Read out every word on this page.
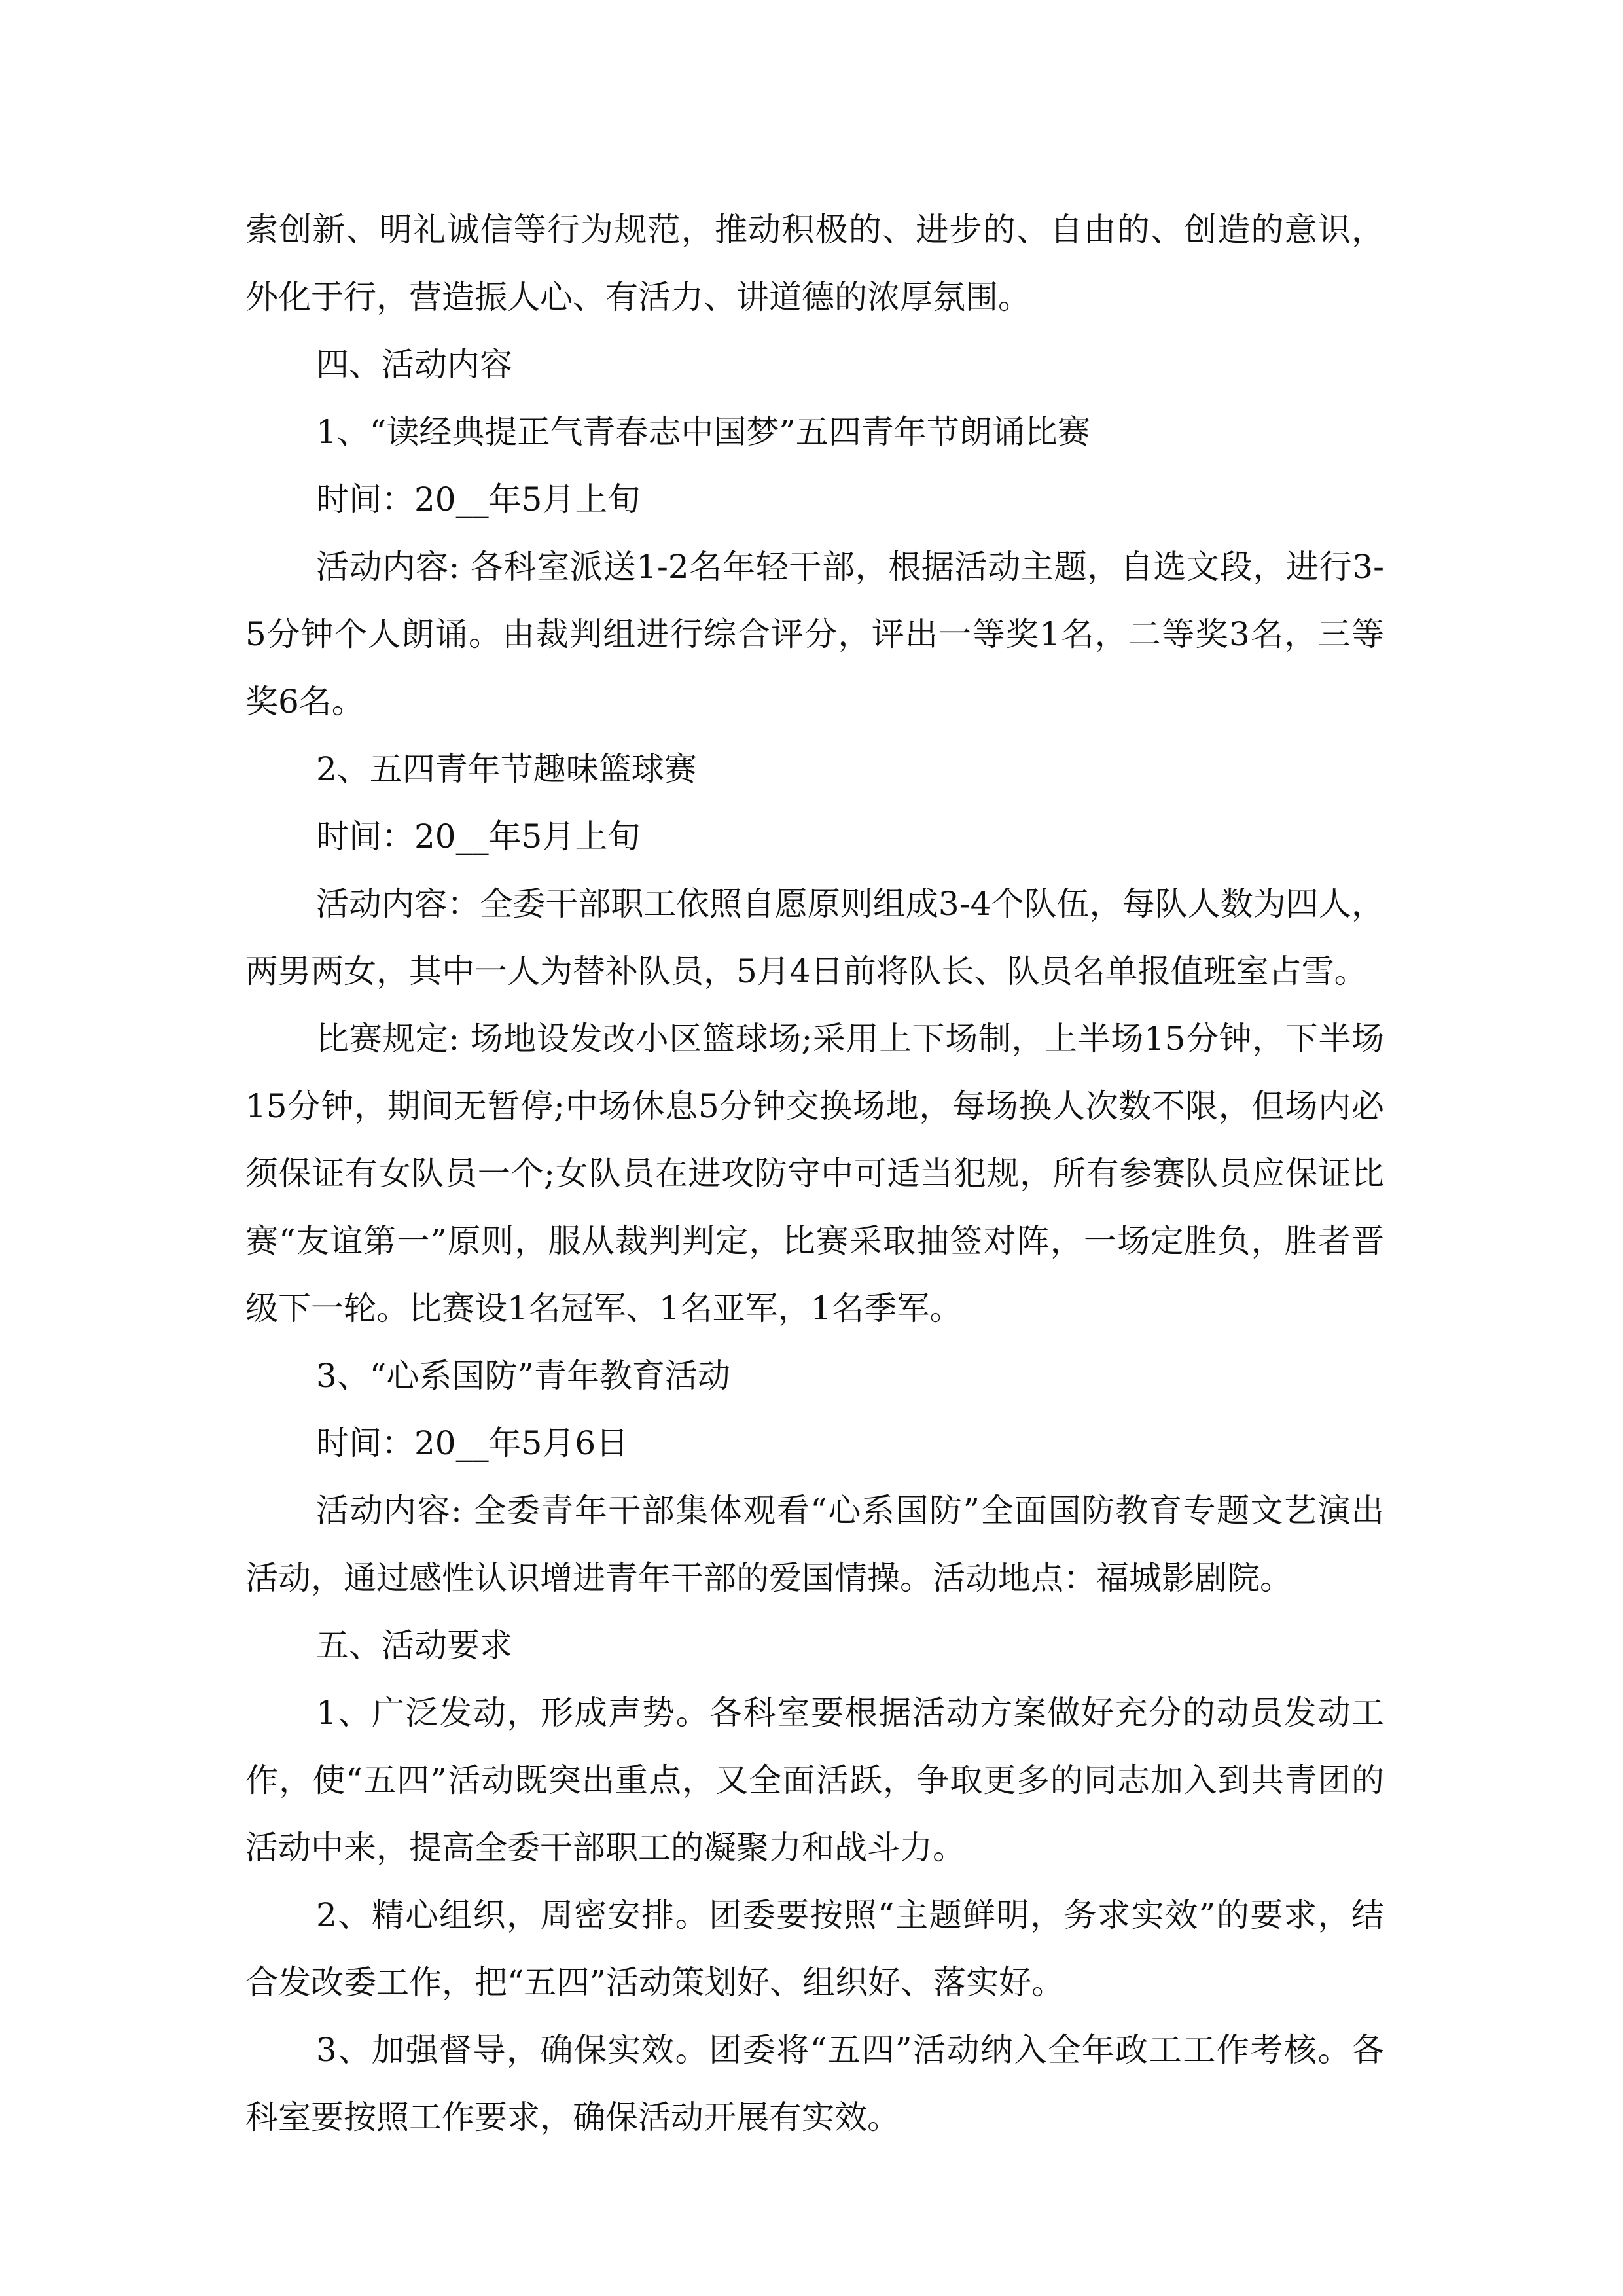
索创新、明礼诚信等行为规范，推动积极的、进步的、自由的、创造的意识，外化于行，营造振人心、有活力、讲道德的浓厚氛围。

四、活动内容

1、“读经典提正气青春志中国梦”五四青年节朗诵比赛

时间：20__年5月上旬

活动内容: 各科室派送1-2名年轻干部，根据活动主题，自选文段，进行3-5分钟个人朗诵。由裁判组进行综合评分，评出一等奖1名，二等奖3名，三等奖6名。

2、五四青年节趣味篮球赛

时间：20__年5月上旬

活动内容：全委干部职工依照自愿原则组成3-4个队伍，每队人数为四人，两男两女，其中一人为替补队员，5月4日前将队长、队员名单报值班室占雪。

比赛规定: 场地设发改小区篮球场;采用上下场制，上半场15分钟，下半场15分钟，期间无暂停;中场休息5分钟交换场地，每场换人次数不限，但场内必须保证有女队员一个;女队员在进攻防守中可适当犯规，所有参赛队员应保证比赛“友谊第一”原则，服从裁判判定，比赛采取抽签对阵，一场定胜负，胜者晋级下一轮。比赛设1名冠军、1名亚军，1名季军。

3、“心系国防”青年教育活动

时间：20__年5月6日

活动内容: 全委青年干部集体观看“心系国防”全面国防教育专题文艺演出活动，通过感性认识增进青年干部的爱国情操。活动地点：福城影剧院。

五、活动要求

1、广泛发动，形成声势。各科室要根据活动方案做好充分的动员发动工作，使“五四”活动既突出重点，又全面活跃，争取更多的同志加入到共青团的活动中来，提高全委干部职工的凝聚力和战斗力。

2、精心组织，周密安排。团委要按照“主题鲜明，务求实效”的要求，结合发改委工作，把“五四”活动策划好、组织好、落实好。

3、加强督导，确保实效。团委将“五四”活动纳入全年政工工作考核。各科室要按照工作要求，确保活动开展有实效。
